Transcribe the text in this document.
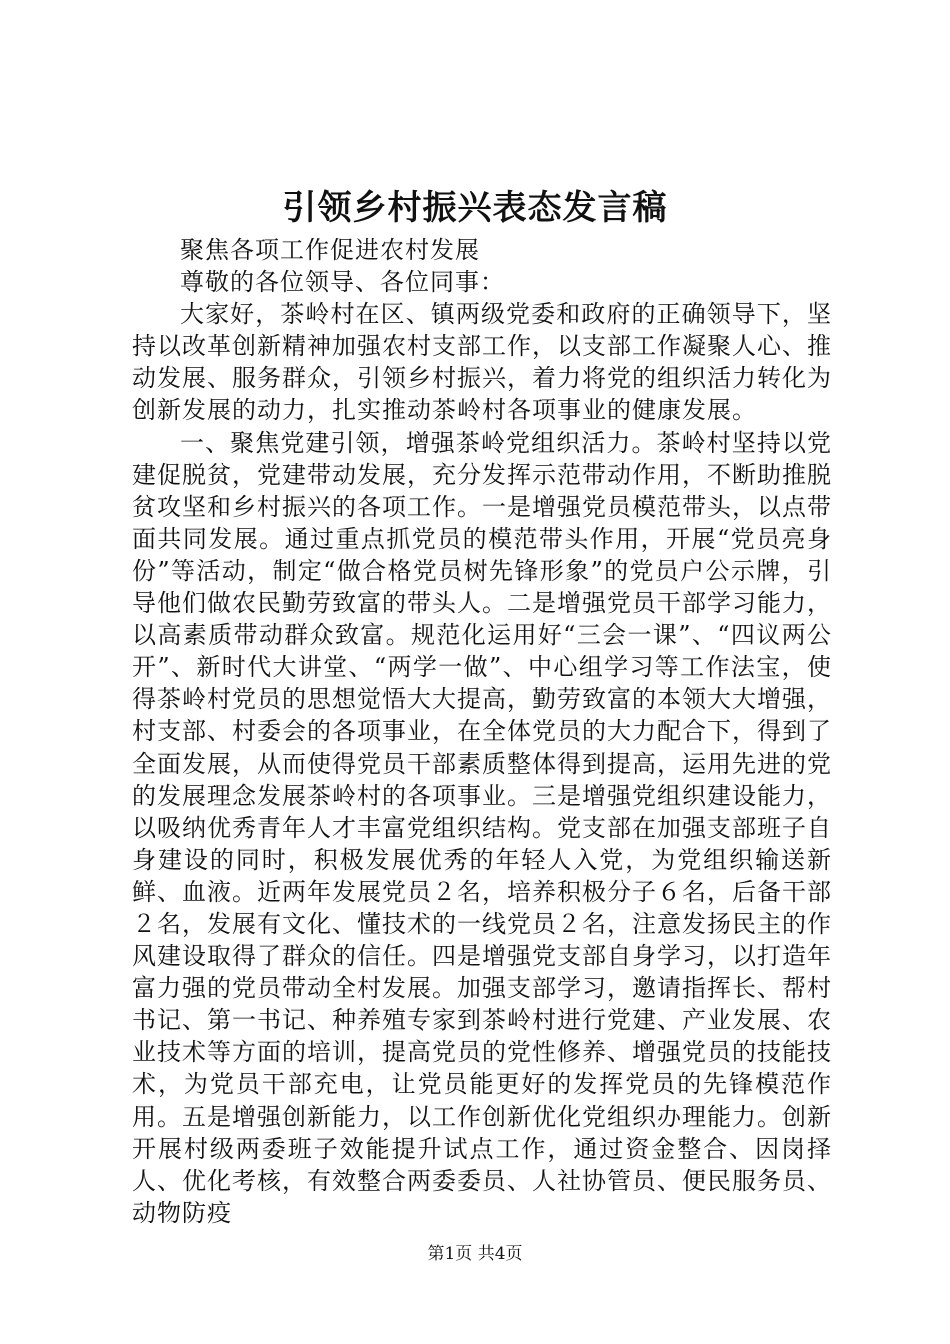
引领乡村振兴表态发言稿

聚焦各项工作促进农村发展

尊敬的各位领导、各位同事：

大家好，茶岭村在区、镇两级党委和政府的正确领导下，坚持以改革创新精神加强农村支部工作，以支部工作凝聚人心、推动发展、服务群众，引领乡村振兴，着力将党的组织活力转化为创新发展的动力，扎实推动茶岭村各项事业的健康发展。

一、聚焦党建引领，增强茶岭党组织活力。茶岭村坚持以党建促脱贫，党建带动发展，充分发挥示范带动作用，不断助推脱贫攻坚和乡村振兴的各项工作。一是增强党员模范带头，以点带面共同发展。通过重点抓党员的模范带头作用，开展“党员亮身份”等活动，制定“做合格党员树先锋形象”的党员户公示牌，引导他们做农民勤劳致富的带头人。二是增强党员干部学习能力，以高素质带动群众致富。规范化运用好“三会一课”、“四议两公开”、新时代大讲堂、“两学一做”、中心组学习等工作法宝，使得茶岭村党员的思想觉悟大大提高，勤劳致富的本领大大增强，村支部、村委会的各项事业，在全体党员的大力配合下，得到了全面发展，从而使得党员干部素质整体得到提高，运用先进的党的发展理念发展茶岭村的各项事业。三是增强党组织建设能力，以吸纳优秀青年人才丰富党组织结构。党支部在加强支部班子自身建设的同时，积极发展优秀的年轻人入党，为党组织输送新鲜、血液。近两年发展党员２名，培养积极分子６名，后备干部２名，发展有文化、懂技术的一线党员２名，注意发扬民主的作风建设取得了群众的信任。四是增强党支部自身学习，以打造年富力强的党员带动全村发展。加强支部学习，邀请指挥长、帮村书记、第一书记、种养殖专家到茶岭村进行党建、产业发展、农业技术等方面的培训，提高党员的党性修养、增强党员的技能技术，为党员干部充电，让党员能更好的发挥党员的先锋模范作用。五是增强创新能力，以工作创新优化党组织办理能力。创新开展村级两委班子效能提升试点工作，通过资金整合、因岗择人、优化考核，有效整合两委委员、人社协管员、便民服务员、动物防疫

第1页 共4页
